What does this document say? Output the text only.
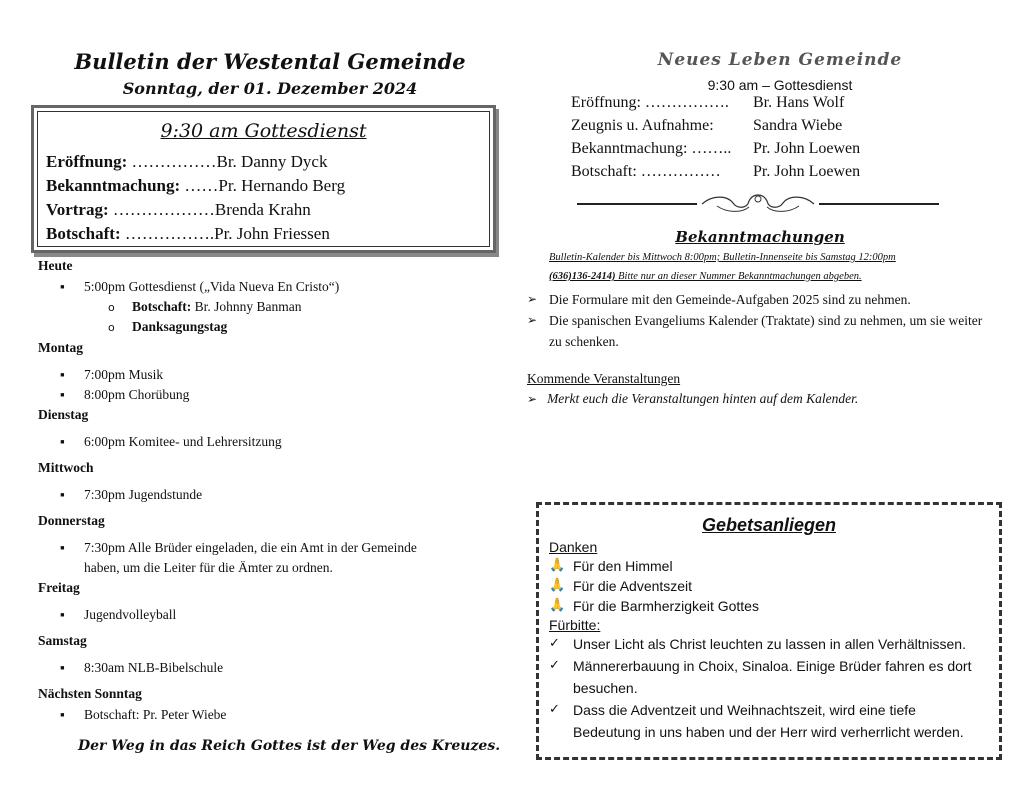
Bulletin der Westental Gemeinde
Sonntag, der 01. Dezember 2024
9:30 am Gottesdienst
Eröffnung: ……………Br. Danny Dyck
Bekanntmachung: ……Pr. Hernando Berg
Vortrag: ………………Brenda Krahn
Botschaft: …………….Pr. John Friessen
Heute
▪ 5:00pm Gottesdienst („Vida Nueva En Cristo“)
o Botschaft: Br. Johnny Banman
o Danksagungstag
Montag
▪ 7:00pm Musik
▪ 8:00pm Chorübung
Dienstag
▪ 6:00pm Komitee- und Lehrersitzung
Mittwoch
▪ 7:30pm Jugendstunde
Donnerstag
▪ 7:30pm Alle Brüder eingeladen, die ein Amt in der Gemeinde
haben, um die Leiter für die Ämter zu ordnen.
Freitag
▪ Jugendvolleyball
Samstag
▪ 8:30am NLB-Bibelschule
Nächsten Sonntag
▪ Botschaft: Pr. Peter Wiebe
Der Weg in das Reich Gottes ist der Weg des Kreuzes.
Neues Leben Gemeinde
9:30 am – Gottesdienst
Eröffnung: ……………. Br. Hans Wolf
Zeugnis u. Aufnahme: Sandra Wiebe
Bekanntmachung: …….. Pr. John Loewen
Botschaft: …………… Pr. John Loewen
Bekanntmachungen
Bulletin-Kalender bis Mittwoch 8:00pm; Bulletin-Innenseite bis Samstag 12:00pm
(636)136-2414) Bitte nur an dieser Nummer Bekanntmachungen abgeben.
➢ Die Formulare mit den Gemeinde-Aufgaben 2025 sind zu nehmen.
➢ Die spanischen Evangeliums Kalender (Traktate) sind zu nehmen, um sie weiter zu schenken.
Kommende Veranstaltungen
➢ Merkt euch die Veranstaltungen hinten auf dem Kalender.
Gebetsanliegen
Danken
🙏 Für den Himmel
🙏 Für die Adventszeit
🙏 Für die Barmherzigkeit Gottes
Fürbitte:
✓ Unser Licht als Christ leuchten zu lassen in allen Verhältnissen.
✓ Männererbauung in Choix, Sinaloa. Einige Brüder fahren es dort besuchen.
✓ Dass die Adventzeit und Weihnachtszeit, wird eine tiefe Bedeutung in uns haben und der Herr wird verherrlicht werden.
